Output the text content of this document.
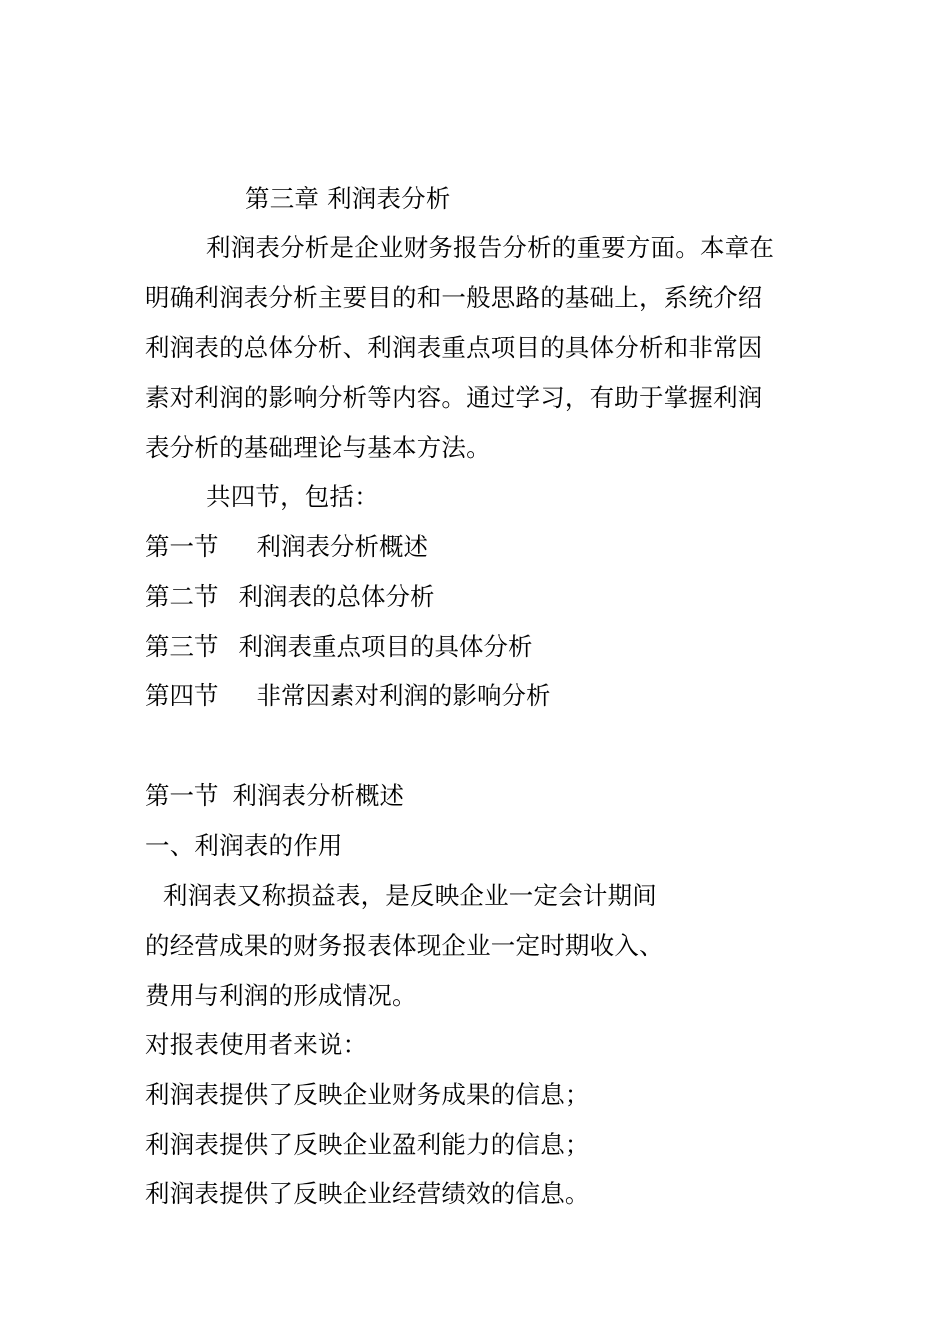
第三章 利润表分析
利润表分析是企业财务报告分析的重要方面。本章在
明确利润表分析主要目的和一般思路的基础上，系统介绍
利润表的总体分析、利润表重点项目的具体分析和非常因
素对利润的影响分析等内容。通过学习，有助于掌握利润
表分析的基础理论与基本方法。
共四节，包括：
第一节 利润表分析概述
第二节 利润表的总体分析
第三节 利润表重点项目的具体分析
第四节 非常因素对利润的影响分析
第一节 利润表分析概述
一、利润表的作用
利润表又称损益表，是反映企业一定会计期间
的经营成果的财务报表体现企业一定时期收入、
费用与利润的形成情况。
对报表使用者来说：
利润表提供了反映企业财务成果的信息；
利润表提供了反映企业盈利能力的信息；
利润表提供了反映企业经营绩效的信息。
